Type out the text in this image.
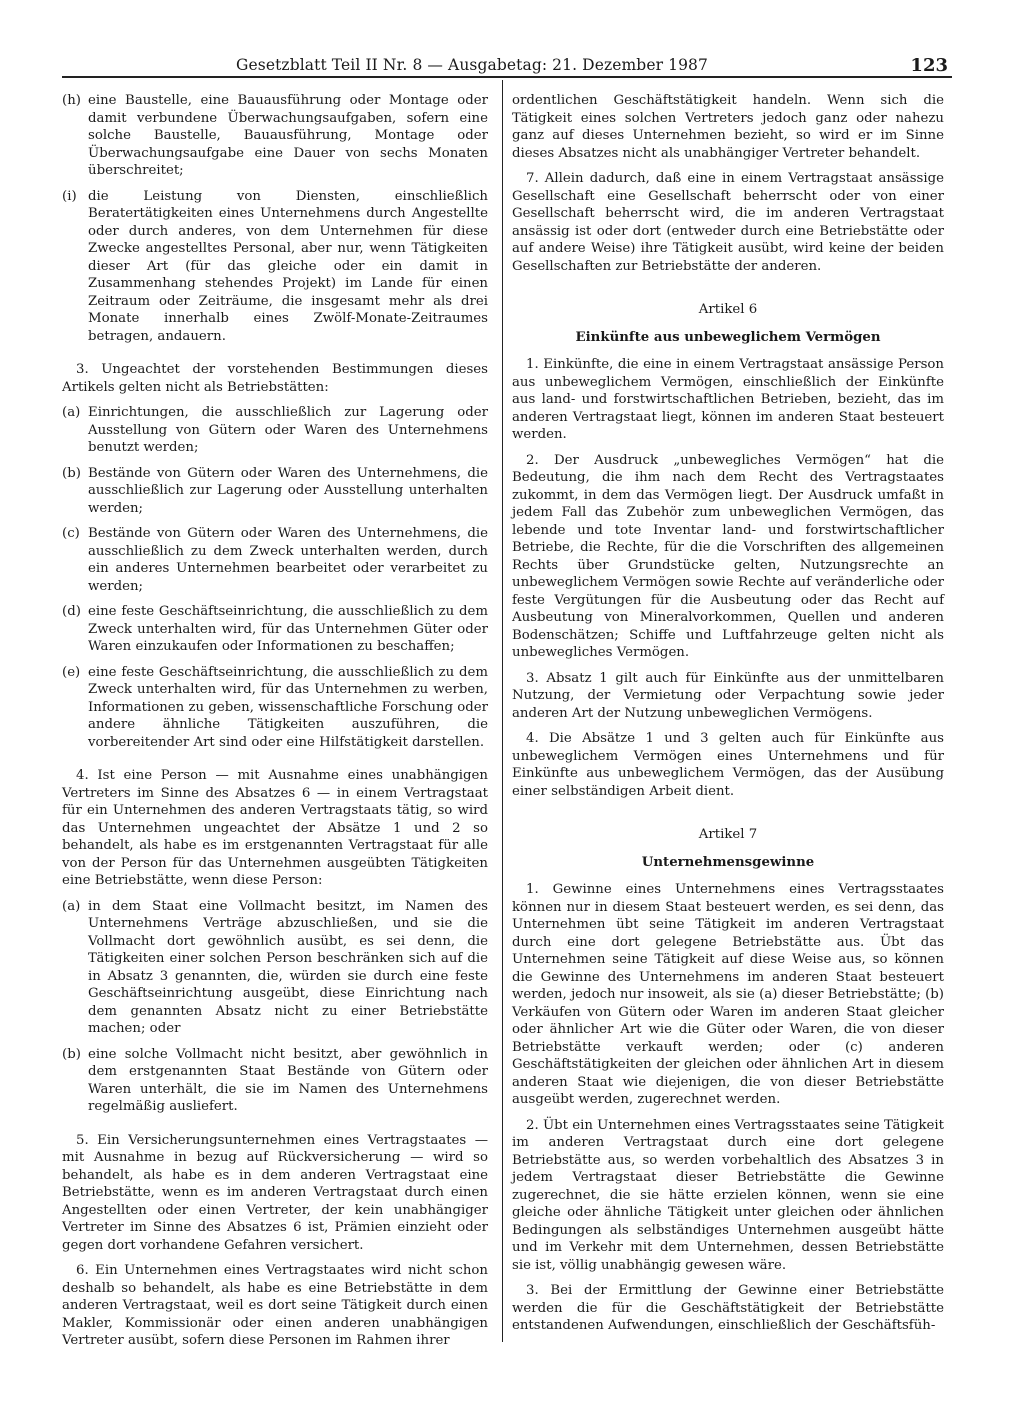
Gesetzblatt Teil II Nr. 8 — Ausgabetag: 21. Dezember 1987	123
(h) eine Baustelle, eine Bauausführung oder Montage oder damit verbundene Überwachungsaufgaben, sofern eine solche Baustelle, Bauausführung, Montage oder Überwachungsaufgabe eine Dauer von sechs Monaten überschreitet;
(i) die Leistung von Diensten, einschließlich Beratertätigkeiten eines Unternehmens durch Angestellte oder durch anderes, von dem Unternehmen für diese Zwecke angestelltes Personal, aber nur, wenn Tätigkeiten dieser Art (für das gleiche oder ein damit in Zusammenhang stehendes Projekt) im Lande für einen Zeitraum oder Zeiträume, die insgesamt mehr als drei Monate innerhalb eines Zwölf-Monate-Zeitraumes betragen, andauern.

3. Ungeachtet der vorstehenden Bestimmungen dieses Artikels gelten nicht als Betriebstätten:

(a) Einrichtungen, die ausschließlich zur Lagerung oder Ausstellung von Gütern oder Waren des Unternehmens benutzt werden;
(b) Bestände von Gütern oder Waren des Unternehmens, die ausschließlich zur Lagerung oder Ausstellung unterhalten werden;
(c) Bestände von Gütern oder Waren des Unternehmens, die ausschließlich zu dem Zweck unterhalten werden, durch ein anderes Unternehmen bearbeitet oder verarbeitet zu werden;
(d) eine feste Geschäftseinrichtung, die ausschließlich zu dem Zweck unterhalten wird, für das Unternehmen Güter oder Waren einzukaufen oder Informationen zu beschaffen;
(e) eine feste Geschäftseinrichtung, die ausschließlich zu dem Zweck unterhalten wird, für das Unternehmen zu werben, Informationen zu geben, wissenschaftliche Forschung oder andere ähnliche Tätigkeiten auszuführen, die vorbereitender Art sind oder eine Hilfstätigkeit darstellen.

4. Ist eine Person — mit Ausnahme eines unabhängigen Vertreters im Sinne des Absatzes 6 — in einem Vertragstaat für ein Unternehmen des anderen Vertragstaats tätig, so wird das Unternehmen ungeachtet der Absätze 1 und 2 so behandelt, als habe es im erstgenannten Vertragstaat für alle von der Person für das Unternehmen ausgeübten Tätigkeiten eine Betriebstätte, wenn diese Person:

(a) in dem Staat eine Vollmacht besitzt, im Namen des Unternehmens Verträge abzuschließen, und sie die Vollmacht dort gewöhnlich ausübt, es sei denn, die Tätigkeiten einer solchen Person beschränken sich auf die in Absatz 3 genannten, die, würden sie durch eine feste Geschäftseinrichtung ausgeübt, diese Einrichtung nach dem genannten Absatz nicht zu einer Betriebstätte machen; oder
(b) eine solche Vollmacht nicht besitzt, aber gewöhnlich in dem erstgenannten Staat Bestände von Gütern oder Waren unterhält, die sie im Namen des Unternehmens regelmäßig ausliefert.

5. Ein Versicherungsunternehmen eines Vertragstaates — mit Ausnahme in bezug auf Rückversicherung — wird so behandelt, als habe es in dem anderen Vertragstaat eine Betriebstätte, wenn es im anderen Vertragstaat durch einen Angestellten oder einen Vertreter, der kein unabhängiger Vertreter im Sinne des Absatzes 6 ist, Prämien einzieht oder gegen dort vorhandene Gefahren versichert.

6. Ein Unternehmen eines Vertragstaates wird nicht schon deshalb so behandelt, als habe es eine Betriebstätte in dem anderen Vertragstaat, weil es dort seine Tätigkeit durch einen Makler, Kommissionär oder einen anderen unabhängigen Vertreter ausübt, sofern diese Personen im Rahmen ihrer

ordentlichen Geschäftstätigkeit handeln. Wenn sich die Tätigkeit eines solchen Vertreters jedoch ganz oder nahezu ganz auf dieses Unternehmen bezieht, so wird er im Sinne dieses Absatzes nicht als unabhängiger Vertreter behandelt.

7. Allein dadurch, daß eine in einem Vertragstaat ansässige Gesellschaft eine Gesellschaft beherrscht oder von einer Gesellschaft beherrscht wird, die im anderen Vertragstaat ansässig ist oder dort (entweder durch eine Betriebstätte oder auf andere Weise) ihre Tätigkeit ausübt, wird keine der beiden Gesellschaften zur Betriebstätte der anderen.

Artikel 6
Einkünfte aus unbeweglichem Vermögen

1. Einkünfte, die eine in einem Vertragstaat ansässige Person aus unbeweglichem Vermögen, einschließlich der Einkünfte aus land- und forstwirtschaftlichen Betrieben, bezieht, das im anderen Vertragstaat liegt, können im anderen Staat besteuert werden.

2. Der Ausdruck „unbewegliches Vermögen“ hat die Bedeutung, die ihm nach dem Recht des Vertragstaates zukommt, in dem das Vermögen liegt. Der Ausdruck umfaßt in jedem Fall das Zubehör zum unbeweglichen Vermögen, das lebende und tote Inventar land- und forstwirtschaftlicher Betriebe, die Rechte, für die die Vorschriften des allgemeinen Rechts über Grundstücke gelten, Nutzungsrechte an unbeweglichem Vermögen sowie Rechte auf veränderliche oder feste Vergütungen für die Ausbeutung oder das Recht auf Ausbeutung von Mineralvorkommen, Quellen und anderen Bodenschätzen; Schiffe und Luftfahrzeuge gelten nicht als unbewegliches Vermögen.

3. Absatz 1 gilt auch für Einkünfte aus der unmittelbaren Nutzung, der Vermietung oder Verpachtung sowie jeder anderen Art der Nutzung unbeweglichen Vermögens.

4. Die Absätze 1 und 3 gelten auch für Einkünfte aus unbeweglichem Vermögen eines Unternehmens und für Einkünfte aus unbeweglichem Vermögen, das der Ausübung einer selbständigen Arbeit dient.

Artikel 7
Unternehmensgewinne

1. Gewinne eines Unternehmens eines Vertragsstaates können nur in diesem Staat besteuert werden, es sei denn, das Unternehmen übt seine Tätigkeit im anderen Vertragstaat durch eine dort gelegene Betriebstätte aus. Übt das Unternehmen seine Tätigkeit auf diese Weise aus, so können die Gewinne des Unternehmens im anderen Staat besteuert werden, jedoch nur insoweit, als sie (a) dieser Betriebstätte; (b) Verkäufen von Gütern oder Waren im anderen Staat gleicher oder ähnlicher Art wie die Güter oder Waren, die von dieser Betriebstätte verkauft werden; oder (c) anderen Geschäftstätigkeiten der gleichen oder ähnlichen Art in diesem anderen Staat wie diejenigen, die von dieser Betriebstätte ausgeübt werden, zugerechnet werden.

2. Übt ein Unternehmen eines Vertragsstaates seine Tätigkeit im anderen Vertragstaat durch eine dort gelegene Betriebstätte aus, so werden vorbehaltlich des Absatzes 3 in jedem Vertragstaat dieser Betriebstätte die Gewinne zugerechnet, die sie hätte erzielen können, wenn sie eine gleiche oder ähnliche Tätigkeit unter gleichen oder ähnlichen Bedingungen als selbständiges Unternehmen ausgeübt hätte und im Verkehr mit dem Unternehmen, dessen Betriebstätte sie ist, völlig unabhängig gewesen wäre.

3. Bei der Ermittlung der Gewinne einer Betriebstätte werden die für die Geschäftstätigkeit der Betriebstätte entstandenen Aufwendungen, einschließlich der Geschäftsfüh-
